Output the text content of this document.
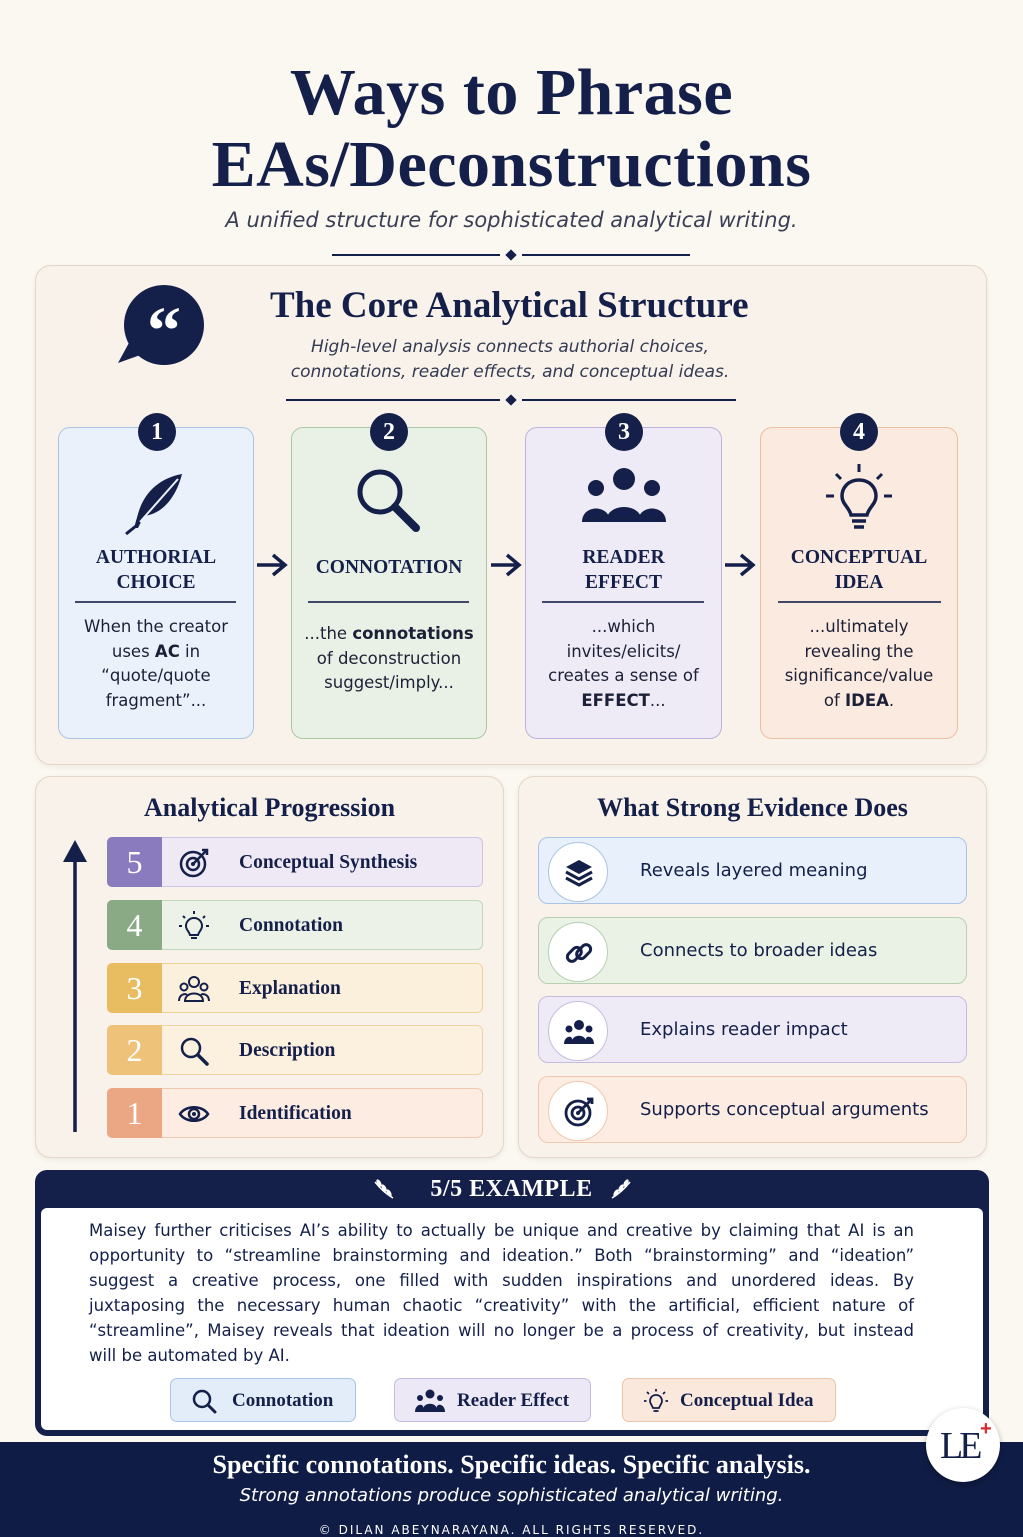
Ways to Phrase
EAs/Deconstructions
A unified structure for sophisticated analytical writing.
“ The Core Analytical Structure
High-level analysis connects authorial choices,
connotations, reader effects, and conceptual ideas.
1
AUTHORIAL
CHOICE
When the creator
uses AC in
“quote/quote
fragment”...
2
CONNOTATION
...the connotations
of deconstruction
suggest/imply...
3
READER
EFFECT
...which
invites/elicits/
creates a sense of
EFFECT...
4
CONCEPTUAL
IDEA
...ultimately
revealing the
significance/value
of IDEA.
Analytical Progression
5	Conceptual Synthesis
4	Connotation
3	Explanation
2	Description
1	Identification
What Strong Evidence Does
Reveals layered meaning
Connects to broader ideas
Explains reader impact
Supports conceptual arguments
5/5 EXAMPLE
Maisey further criticises AI’s ability to actually be unique and creative by claiming that AI is an
opportunity to “streamline brainstorming and ideation.” Both “brainstorming” and “ideation”
suggest a creative process, one filled with sudden inspirations and unordered ideas. By
juxtaposing the necessary human chaotic “creativity” with the artificial, efficient nature of
“streamline”, Maisey reveals that ideation will no longer be a process of creativity, but instead
will be automated by AI.
Connotation	Reader Effect	Conceptual Idea
Specific connotations. Specific ideas. Specific analysis.
Strong annotations produce sophisticated analytical writing.
© DILAN ABEYNARAYANA. ALL RIGHTS RESERVED.
LE +
